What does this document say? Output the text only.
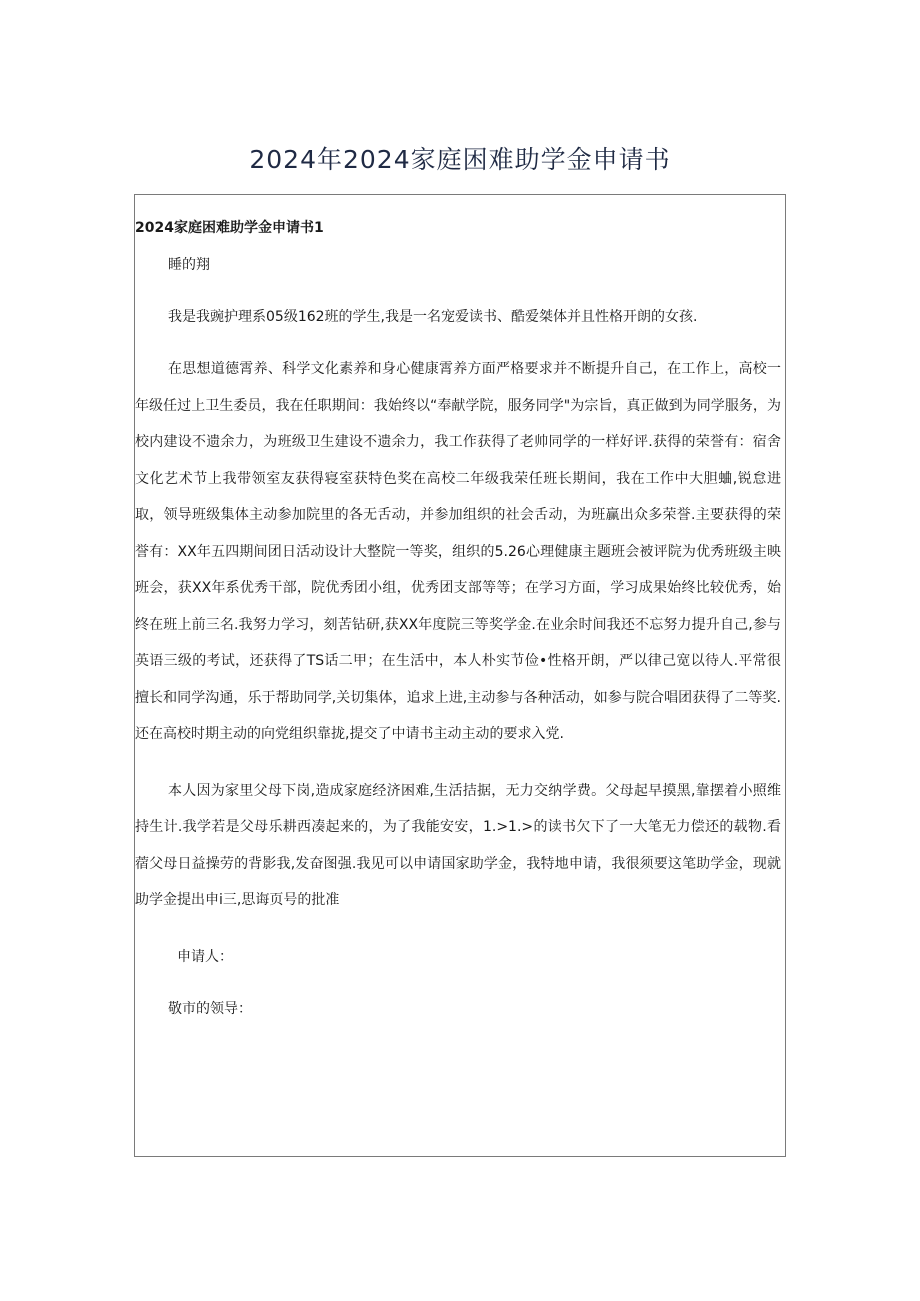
2024年2024家庭困难助学金申请书

2024家庭困难助学金申请书1

睡的翔

我是我豌护理系05级162班的学生,我是一名宠爱读书、酷爱桀体并且性格开朗的女孩.

在思想道德霄养、科学文化素养和身心健康霄养方面严格要求并不断提升自己，在工作上，高校一年级任过上卫生委员，我在任职期间：我始终以“奉献学院，服务同学"为宗旨，真正做到为同学服务，为校内建设不遗余力，为班级卫生建设不遗余力，我工作获得了老帅同学的一样好评.获得的荣誉有：宿舍文化艺术节上我带领室友获得寝室获特色奖在高校二年级我荣任班长期间，我在工作中大胆蛐,锐怠进取，领导班级集体主动参加院里的各无舌动，并参加组织的社会舌动，为班赢出众多荣誉.主要获得的荣誉有：XX年五四期间团日活动设计大整院一等奖，组织的5.26心理健康主题班会被评院为优秀班级主映班会，获XX年系优秀干部，院优秀团小组，优秀团支部等等；在学习方面，学习成果始终比较优秀，始终在班上前三名.我努力学习，刻苦钻研,获XX年度院三等奖学金.在业余时间我还不忘努力提升自己,参与英语三级的考试，还获得了TS话二甲；在生活中，本人朴实节俭•性格开朗，严以律己宽以待人.平常很擅长和同学沟通，乐于帮助同学,关切集体，追求上进,主动参与各种活动，如参与院合唱团获得了二等奖.还在高校时期主动的向党组织靠拢,提交了中请书主动主动的要求入党.

本人因为家里父母下岗,造成家庭经济困难,生活拮据，无力交纳学费。父母起早摸黑,靠摆着小照维持生计.我学若是父母乐耕西凑起来的，为了我能安安，1.>1.>的读书欠下了一大笔无力偿还的载物.看蓿父母日益操劳的背影我,发奋图强.我见可以申请国家助学金，我特地申请，我很须要这笔助学金，现就助学金提出申i三,思诲页号的批准

申请人：

敬市的领导：
